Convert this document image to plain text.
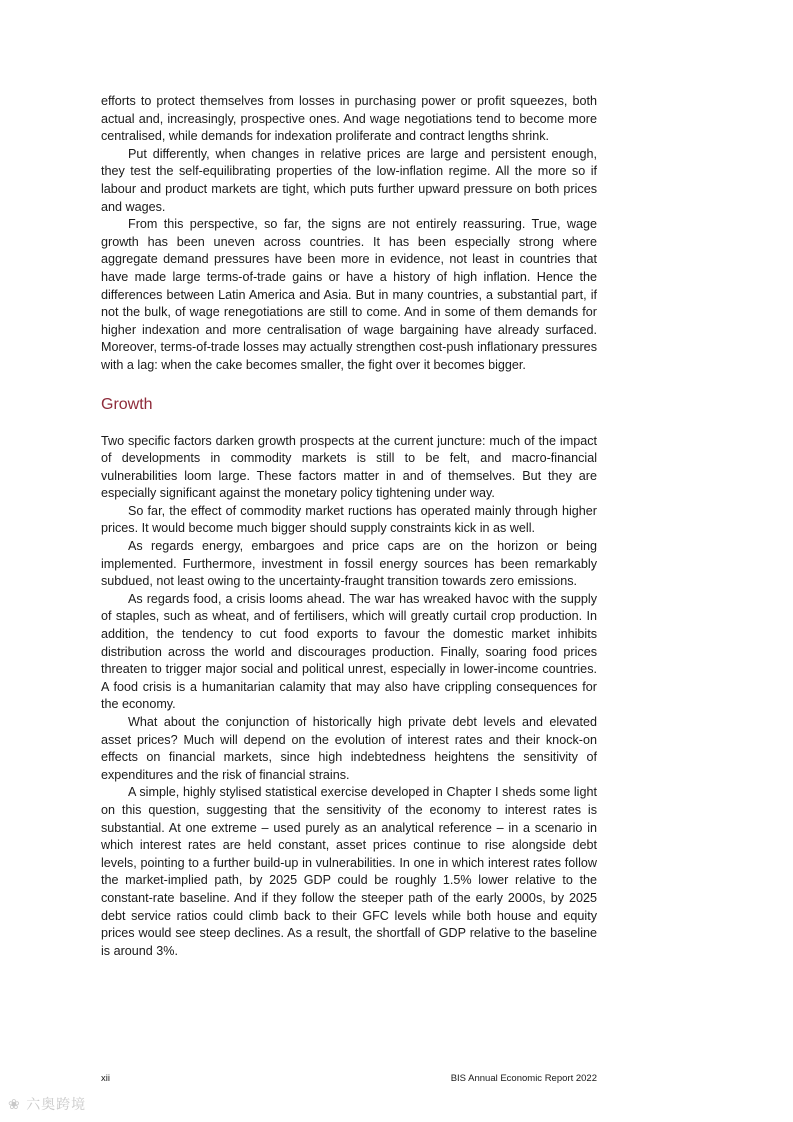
efforts to protect themselves from losses in purchasing power or profit squeezes, both actual and, increasingly, prospective ones. And wage negotiations tend to become more centralised, while demands for indexation proliferate and contract lengths shrink.

Put differently, when changes in relative prices are large and persistent enough, they test the self-equilibrating properties of the low-inflation regime. All the more so if labour and product markets are tight, which puts further upward pressure on both prices and wages.

From this perspective, so far, the signs are not entirely reassuring. True, wage growth has been uneven across countries. It has been especially strong where aggregate demand pressures have been more in evidence, not least in countries that have made large terms-of-trade gains or have a history of high inflation. Hence the differences between Latin America and Asia. But in many countries, a substantial part, if not the bulk, of wage renegotiations are still to come. And in some of them demands for higher indexation and more centralisation of wage bargaining have already surfaced. Moreover, terms-of-trade losses may actually strengthen cost-push inflationary pressures with a lag: when the cake becomes smaller, the fight over it becomes bigger.

Growth

Two specific factors darken growth prospects at the current juncture: much of the impact of developments in commodity markets is still to be felt, and macro-financial vulnerabilities loom large. These factors matter in and of themselves. But they are especially significant against the monetary policy tightening under way.

So far, the effect of commodity market ructions has operated mainly through higher prices. It would become much bigger should supply constraints kick in as well.

As regards energy, embargoes and price caps are on the horizon or being implemented. Furthermore, investment in fossil energy sources has been remarkably subdued, not least owing to the uncertainty-fraught transition towards zero emissions.

As regards food, a crisis looms ahead. The war has wreaked havoc with the supply of staples, such as wheat, and of fertilisers, which will greatly curtail crop production. In addition, the tendency to cut food exports to favour the domestic market inhibits distribution across the world and discourages production. Finally, soaring food prices threaten to trigger major social and political unrest, especially in lower-income countries. A food crisis is a humanitarian calamity that may also have crippling consequences for the economy.

What about the conjunction of historically high private debt levels and elevated asset prices? Much will depend on the evolution of interest rates and their knock-on effects on financial markets, since high indebtedness heightens the sensitivity of expenditures and the risk of financial strains.

A simple, highly stylised statistical exercise developed in Chapter I sheds some light on this question, suggesting that the sensitivity of the economy to interest rates is substantial. At one extreme – used purely as an analytical reference – in a scenario in which interest rates are held constant, asset prices continue to rise alongside debt levels, pointing to a further build-up in vulnerabilities. In one in which interest rates follow the market-implied path, by 2025 GDP could be roughly 1.5% lower relative to the constant-rate baseline. And if they follow the steeper path of the early 2000s, by 2025 debt service ratios could climb back to their GFC levels while both house and equity prices would see steep declines. As a result, the shortfall of GDP relative to the baseline is around 3%.

xii	BIS Annual Economic Report 2022
❀ 六奥跨境
